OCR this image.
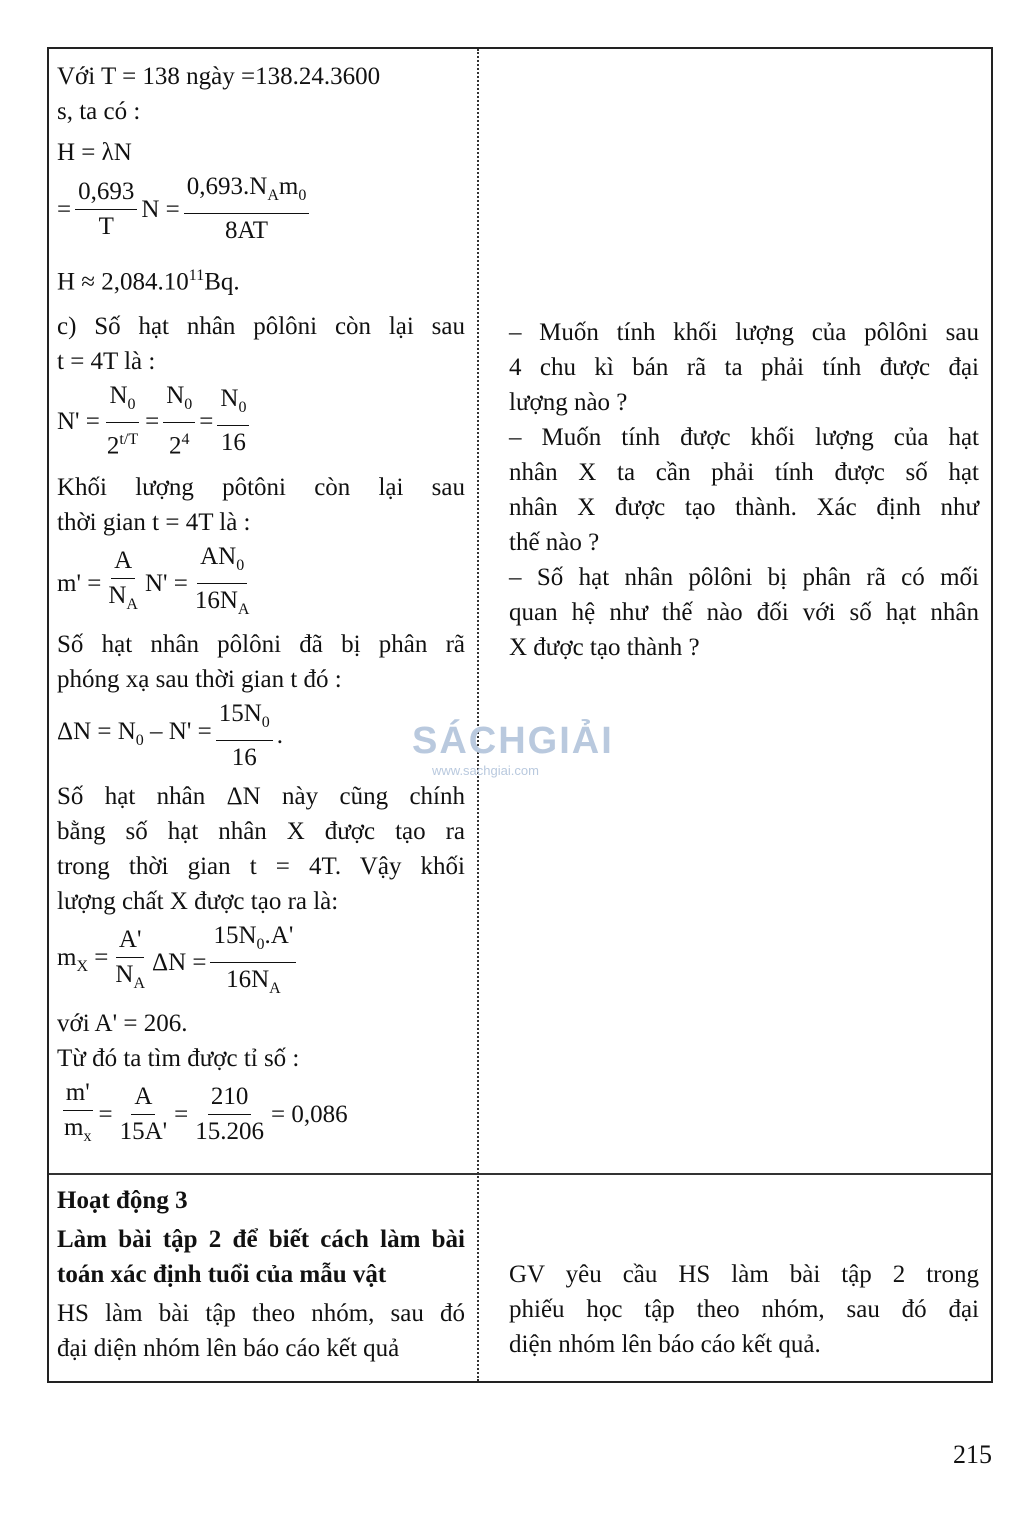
Với T = 138 ngày =138.24.3600
s, ta có :
H = λN
= $\frac{0,693}{T}$ $N = \frac{0,693.N_Am_0}{8AT}$
$H \approx 2,084.10^{11}Bq$.
c) Số hạt nhân pôlôni còn lại sau
t = 4T là :
$N' = \frac{N_0}{2^{t/T}} = \frac{N_0}{2^4} = \frac{N_0}{16}$
Khối lượng pôtôni còn lại sau
thời gian t = 4T là :
$m' = \frac{A}{N_A} N' = \frac{AN_0}{16N_A}$
Số hạt nhân pôlôni đã bị phân rã
phóng xạ sau thời gian t đó :
$\Delta N = N_0 - N' = \frac{15N_0}{16}$ .
Số hạt nhân ΔN này cũng chính
bằng số hạt nhân X được tạo ra
trong thời gian t = 4T. Vậy khối
lượng chất X được tạo ra là:
$m_X = \frac{A'}{N_A}$ $\Delta N = \frac{15N_0.A'}{16N_A}$
với A' = 206.
Từ đó ta tìm được tỉ số :
$\frac{m'}{m_x} = \frac{A}{15A'} = \frac{210}{15.206} = 0,086$
Hoạt động 3
Làm bài tập 2 để biết cách làm bài
toán xác định tuổi của mẫu vật
HS làm bài tập theo nhóm, sau đó
đại diện nhóm lên báo cáo kết quả
– Muốn tính khối lượng của pôlôni sau
4 chu kì bán rã ta phải tính được đại
lượng nào ?
– Muốn tính được khối lượng của hạt
nhân X ta cần phải tính được số hạt
nhân X được tạo thành. Xác định như
thế nào ?
– Số hạt nhân pôlôni bị phân rã có mối
quan hệ như thế nào đối với số hạt nhân
X được tạo thành ?
GV yêu cầu HS làm bài tập 2 trong
phiếu học tập theo nhóm, sau đó đại
diện nhóm lên báo cáo kết quả.
SÁCHGIẢI
www.sachgiai.com
215
